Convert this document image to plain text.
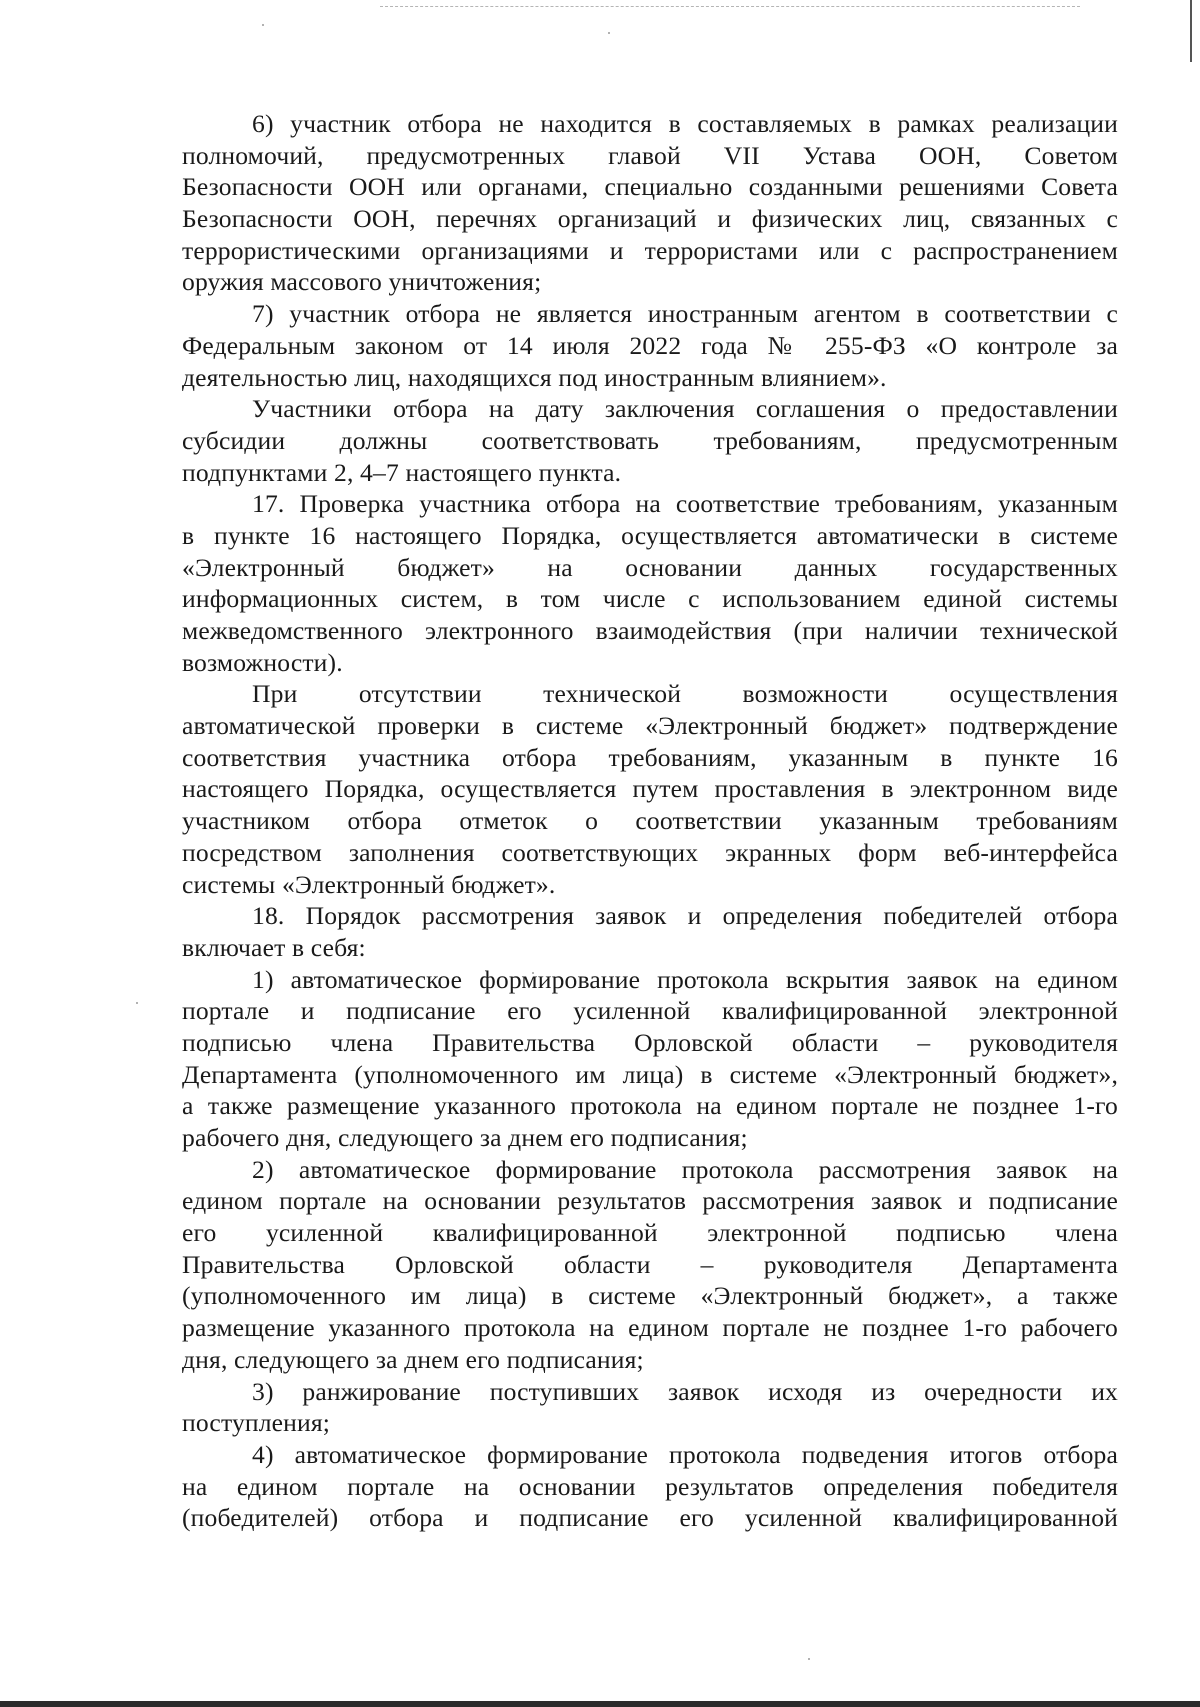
6) участник отбора не находится в составляемых в рамках реализации
полномочий, предусмотренных главой VII Устава ООН, Советом
Безопасности ООН или органами, специально созданными решениями Совета
Безопасности ООН, перечнях организаций и физических лиц, связанных с
террористическими организациями и террористами или с распространением
оружия массового уничтожения;
7) участник отбора не является иностранным агентом в соответствии с
Федеральным законом от 14 июля 2022 года № 255-ФЗ «О контроле за
деятельностью лиц, находящихся под иностранным влиянием».
Участники отбора на дату заключения соглашения о предоставлении
субсидии должны соответствовать требованиям, предусмотренным
подпунктами 2, 4–7 настоящего пункта.
17. Проверка участника отбора на соответствие требованиям, указанным
в пункте 16 настоящего Порядка, осуществляется автоматически в системе
«Электронный бюджет» на основании данных государственных
информационных систем, в том числе с использованием единой системы
межведомственного электронного взаимодействия (при наличии технической
возможности).
При отсутствии технической возможности осуществления
автоматической проверки в системе «Электронный бюджет» подтверждение
соответствия участника отбора требованиям, указанным в пункте 16
настоящего Порядка, осуществляется путем проставления в электронном виде
участником отбора отметок о соответствии указанным требованиям
посредством заполнения соответствующих экранных форм веб-интерфейса
системы «Электронный бюджет».
18. Порядок рассмотрения заявок и определения победителей отбора
включает в себя:
1) автоматическое формирование протокола вскрытия заявок на едином
портале и подписание его усиленной квалифицированной электронной
подписью члена Правительства Орловской области – руководителя
Департамента (уполномоченного им лица) в системе «Электронный бюджет»,
а также размещение указанного протокола на едином портале не позднее 1-го
рабочего дня, следующего за днем его подписания;
2) автоматическое формирование протокола рассмотрения заявок на
едином портале на основании результатов рассмотрения заявок и подписание
его усиленной квалифицированной электронной подписью члена
Правительства Орловской области – руководителя Департамента
(уполномоченного им лица) в системе «Электронный бюджет», а также
размещение указанного протокола на едином портале не позднее 1-го рабочего
дня, следующего за днем его подписания;
3) ранжирование поступивших заявок исходя из очередности их
поступления;
4) автоматическое формирование протокола подведения итогов отбора
на едином портале на основании результатов определения победителя
(победителей) отбора и подписание его усиленной квалифицированной
